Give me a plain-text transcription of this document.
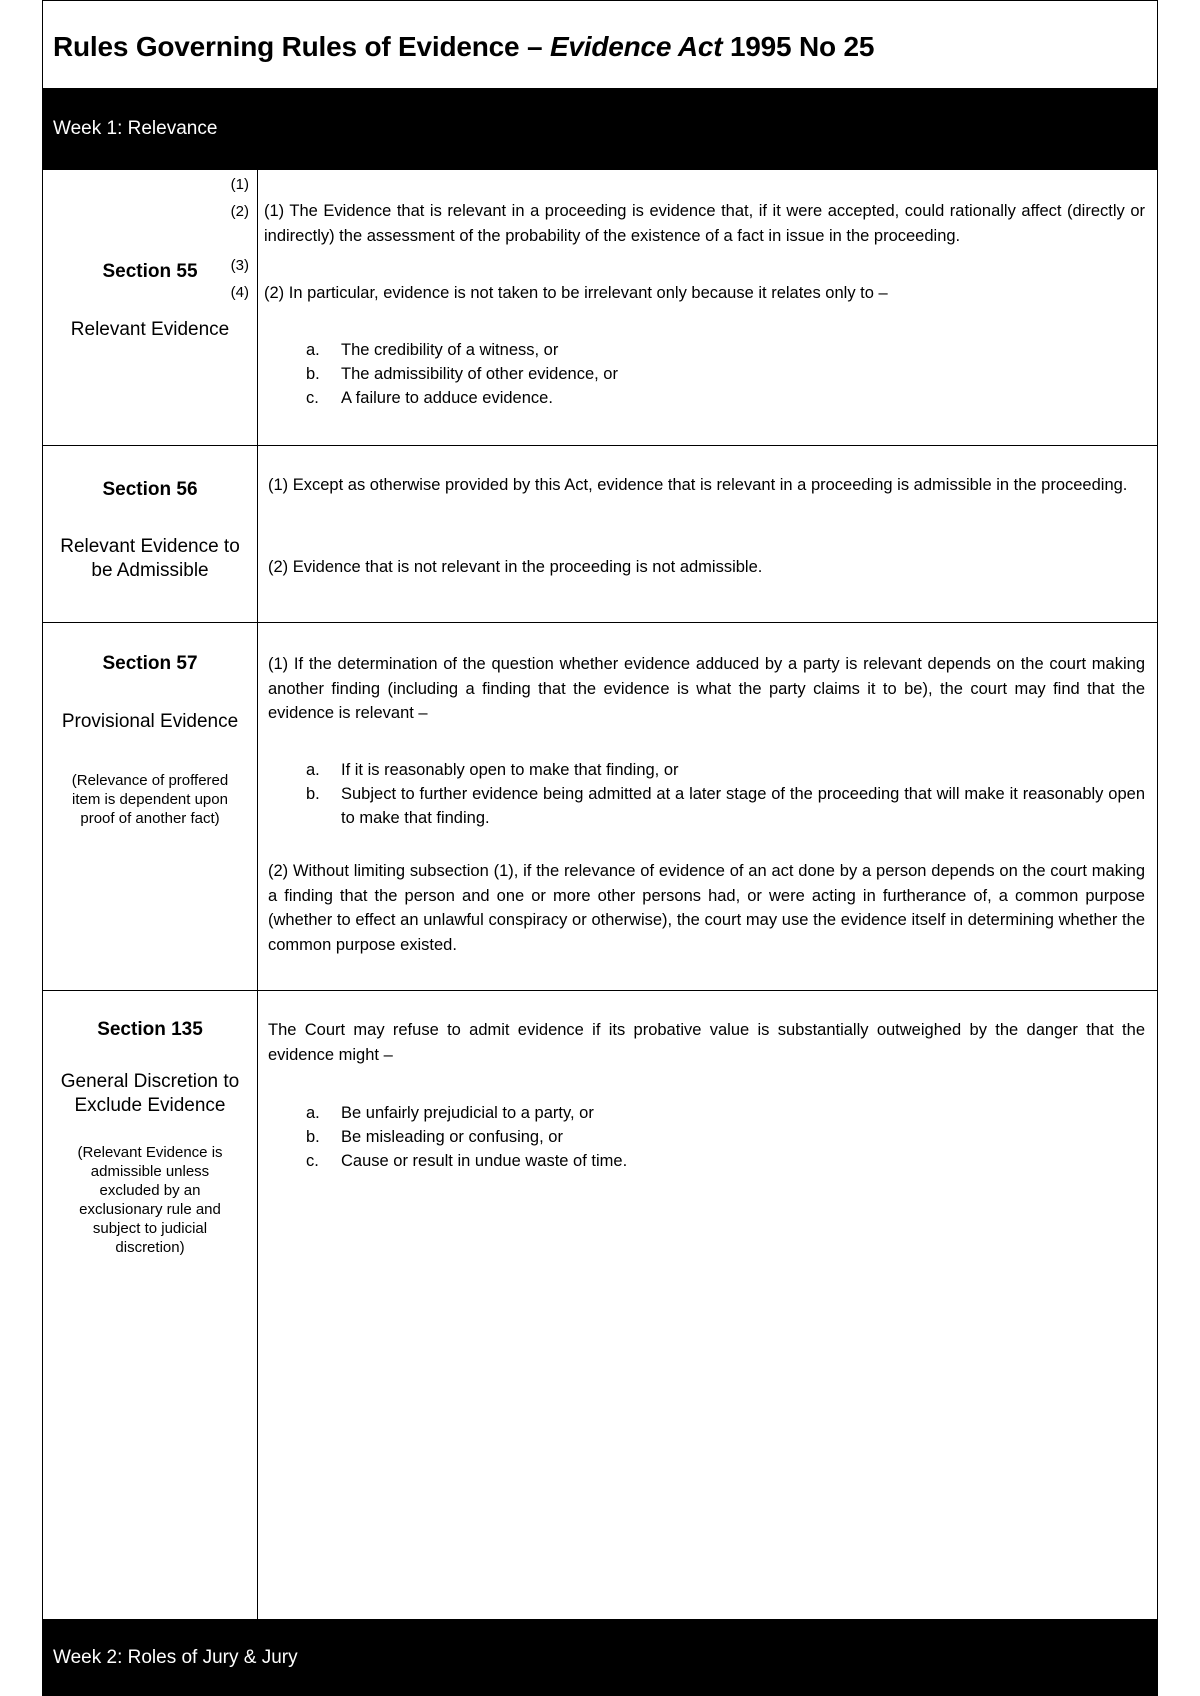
Rules Governing Rules of Evidence – Evidence Act 1995 No 25
Week 1: Relevance
Section 55
Relevant Evidence
(1)
(2)
(3)
(4)
(1) The Evidence that is relevant in a proceeding is evidence that, if it were accepted, could rationally affect (directly or indirectly) the assessment of the probability of the existence of a fact in issue in the proceeding.
(2) In particular, evidence is not taken to be irrelevant only because it relates only to –
a. The credibility of a witness, or
b. The admissibility of other evidence, or
c. A failure to adduce evidence.
Section 56
Relevant Evidence to be Admissible
(1) Except as otherwise provided by this Act, evidence that is relevant in a proceeding is admissible in the proceeding.
(2) Evidence that is not relevant in the proceeding is not admissible.
Section 57
Provisional Evidence
(Relevance of proffered item is dependent upon proof of another fact)
(1) If the determination of the question whether evidence adduced by a party is relevant depends on the court making another finding (including a finding that the evidence is what the party claims it to be), the court may find that the evidence is relevant –
a. If it is reasonably open to make that finding, or
b. Subject to further evidence being admitted at a later stage of the proceeding that will make it reasonably open to make that finding.
(2) Without limiting subsection (1), if the relevance of evidence of an act done by a person depends on the court making a finding that the person and one or more other persons had, or were acting in furtherance of, a common purpose (whether to effect an unlawful conspiracy or otherwise), the court may use the evidence itself in determining whether the common purpose existed.
Section 135
General Discretion to Exclude Evidence
(Relevant Evidence is admissible unless excluded by an exclusionary rule and subject to judicial discretion)
The Court may refuse to admit evidence if its probative value is substantially outweighed by the danger that the evidence might –
a. Be unfairly prejudicial to a party, or
b. Be misleading or confusing, or
c. Cause or result in undue waste of time.
Week 2: Roles of Jury & Jury
